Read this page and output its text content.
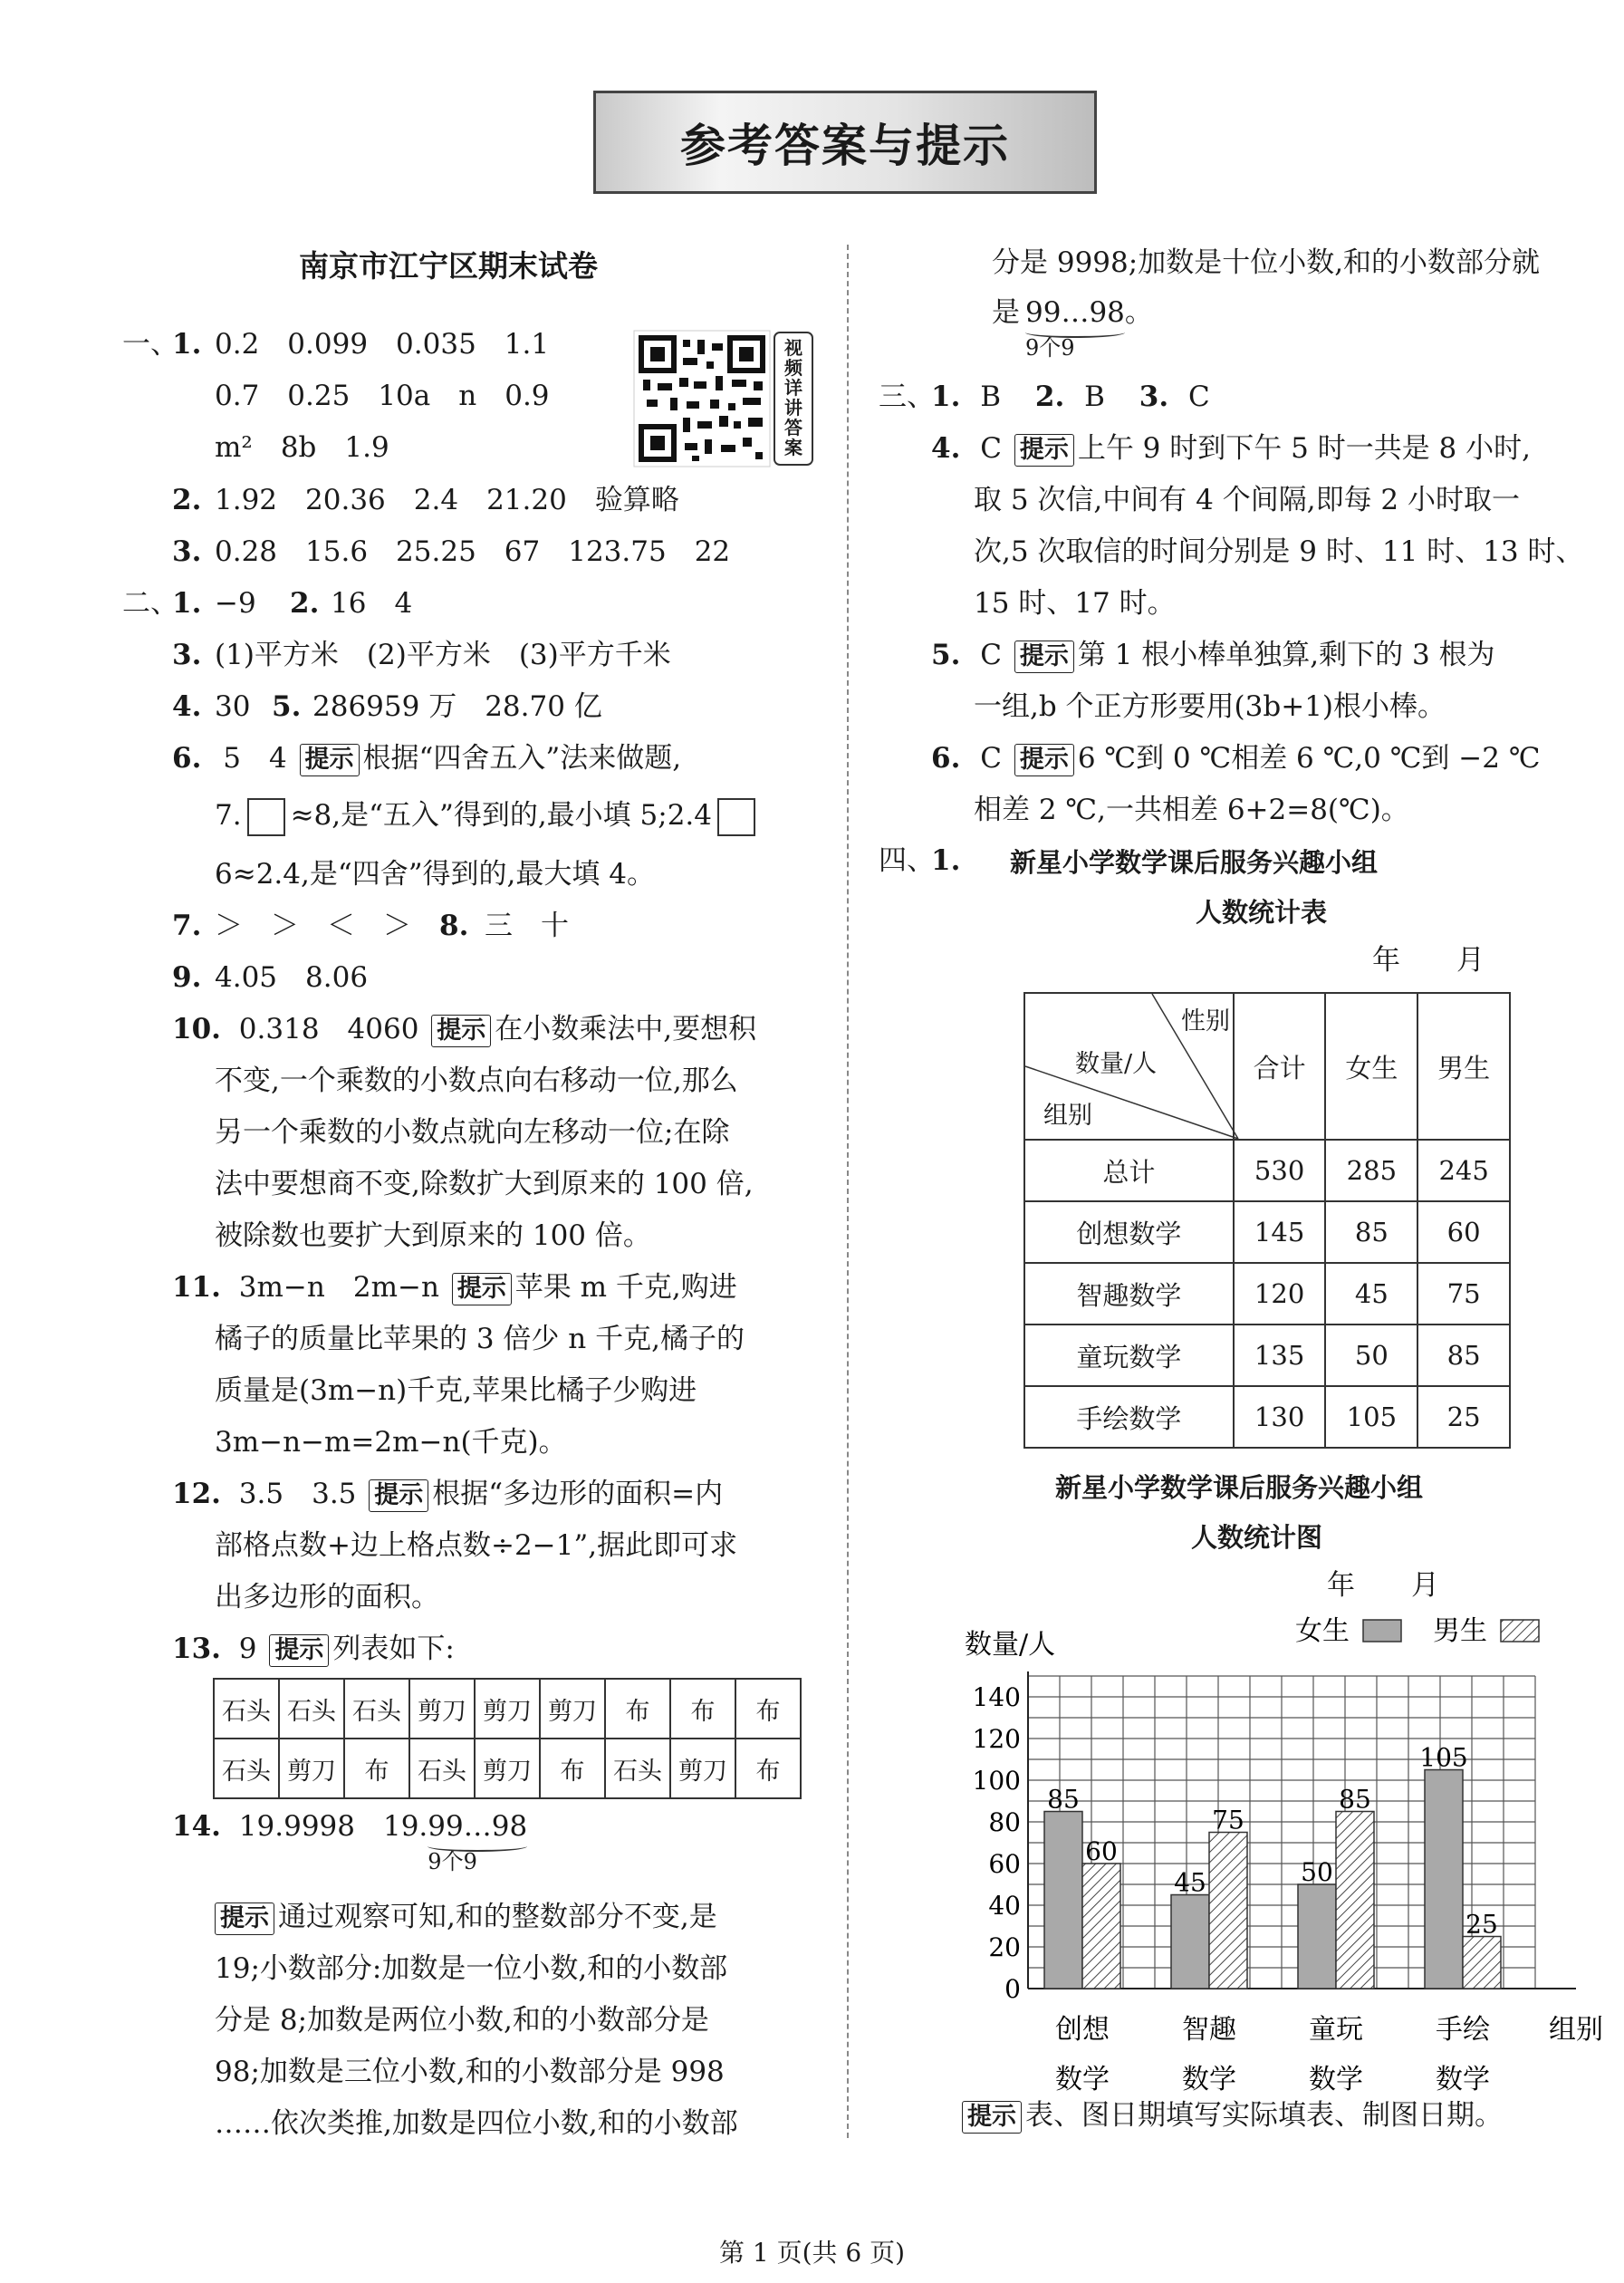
参考答案与提示
南京市江宁区期末试卷
视频详讲答案
一、
1. 0.2　0.099　0.035　1.1
0.7　0.25　10a　n　0.9
m²　8b　1.9
2. 1.92　20.36　2.4　21.20　验算略
3. 0.28　15.6　25.25　67　123.75　22
二、
1. −9 2. 16　4
3. (1)平方米　(2)平方米　(3)平方千米
4. 30 5. 286959 万　28.70 亿
6. 5　4 提示 根据“四舍五入”法来做题,
7. ≈8,是“五入”得到的,最小填 5;2.4
6≈2.4,是“四舍”得到的,最大填 4。
7. ＞　＞　＜　＞ 8. 三　十
9. 4.05　8.06
10. 0.318　4060 提示 在小数乘法中,要想积
不变,一个乘数的小数点向右移动一位,那么
另一个乘数的小数点就向左移动一位;在除
法中要想商不变,除数扩大到原来的 100 倍,
被除数也要扩大到原来的 100 倍。
11. 3m−n　2m−n 提示 苹果 m 千克,购进
橘子的质量比苹果的 3 倍少 n 千克,橘子的
质量是(3m−n)千克,苹果比橘子少购进
3m−n−m=2m−n(千克)。
12. 3.5　3.5 提示 根据“多边形的面积=内
部格点数+边上格点数÷2−1”,据此即可求
出多边形的面积。
13. 9 提示 列表如下:
石头	石头	石头	剪刀	剪刀	剪刀	布	布	布
石头	剪刀	布	石头	剪刀	布	石头	剪刀	布
14. 19.9998　19.99…98
9个9
提示 通过观察可知,和的整数部分不变,是
19;小数部分:加数是一位小数,和的小数部
分是 8;加数是两位小数,和的小数部分是
98;加数是三位小数,和的小数部分是 998
……依次类推,加数是四位小数,和的小数部
分是 9998;加数是十位小数,和的小数部分就
是 99…98
9个9
。
三、
1. B 2. B 3. C
4. C 提示 上午 9 时到下午 5 时一共是 8 小时,
取 5 次信,中间有 4 个间隔,即每 2 小时取一
次,5 次取信的时间分别是 9 时、11 时、13 时、
15 时、17 时。
5. C 提示 第 1 根小棒单独算,剩下的 3 根为
一组,b 个正方形要用(3b+1)根小棒。
6. C 提示 6 ℃到 0 ℃相差 6 ℃,0 ℃到 −2 ℃
相差 2 ℃,一共相差 6+2=8(℃)。
四、
1. 新星小学数学课后服务兴趣小组
人数统计表
年　　月
性别
数量/人
组别	合计	女生	男生
总计	530	285	245
创想数学	145	85	60
智趣数学	120	45	75
童玩数学	135	50	85
手绘数学	130	105	25
新星小学数学课后服务兴趣小组
人数统计图
年　　月
0
20
40
60
80
100
120
140
数量/人
组别
女生	男生
85
60
创想
数学
45
75
智趣
数学
50
85
童玩
数学
105
25
手绘
数学
提示 表、图日期填写实际填表、制图日期。
第 1 页(共 6 页)
